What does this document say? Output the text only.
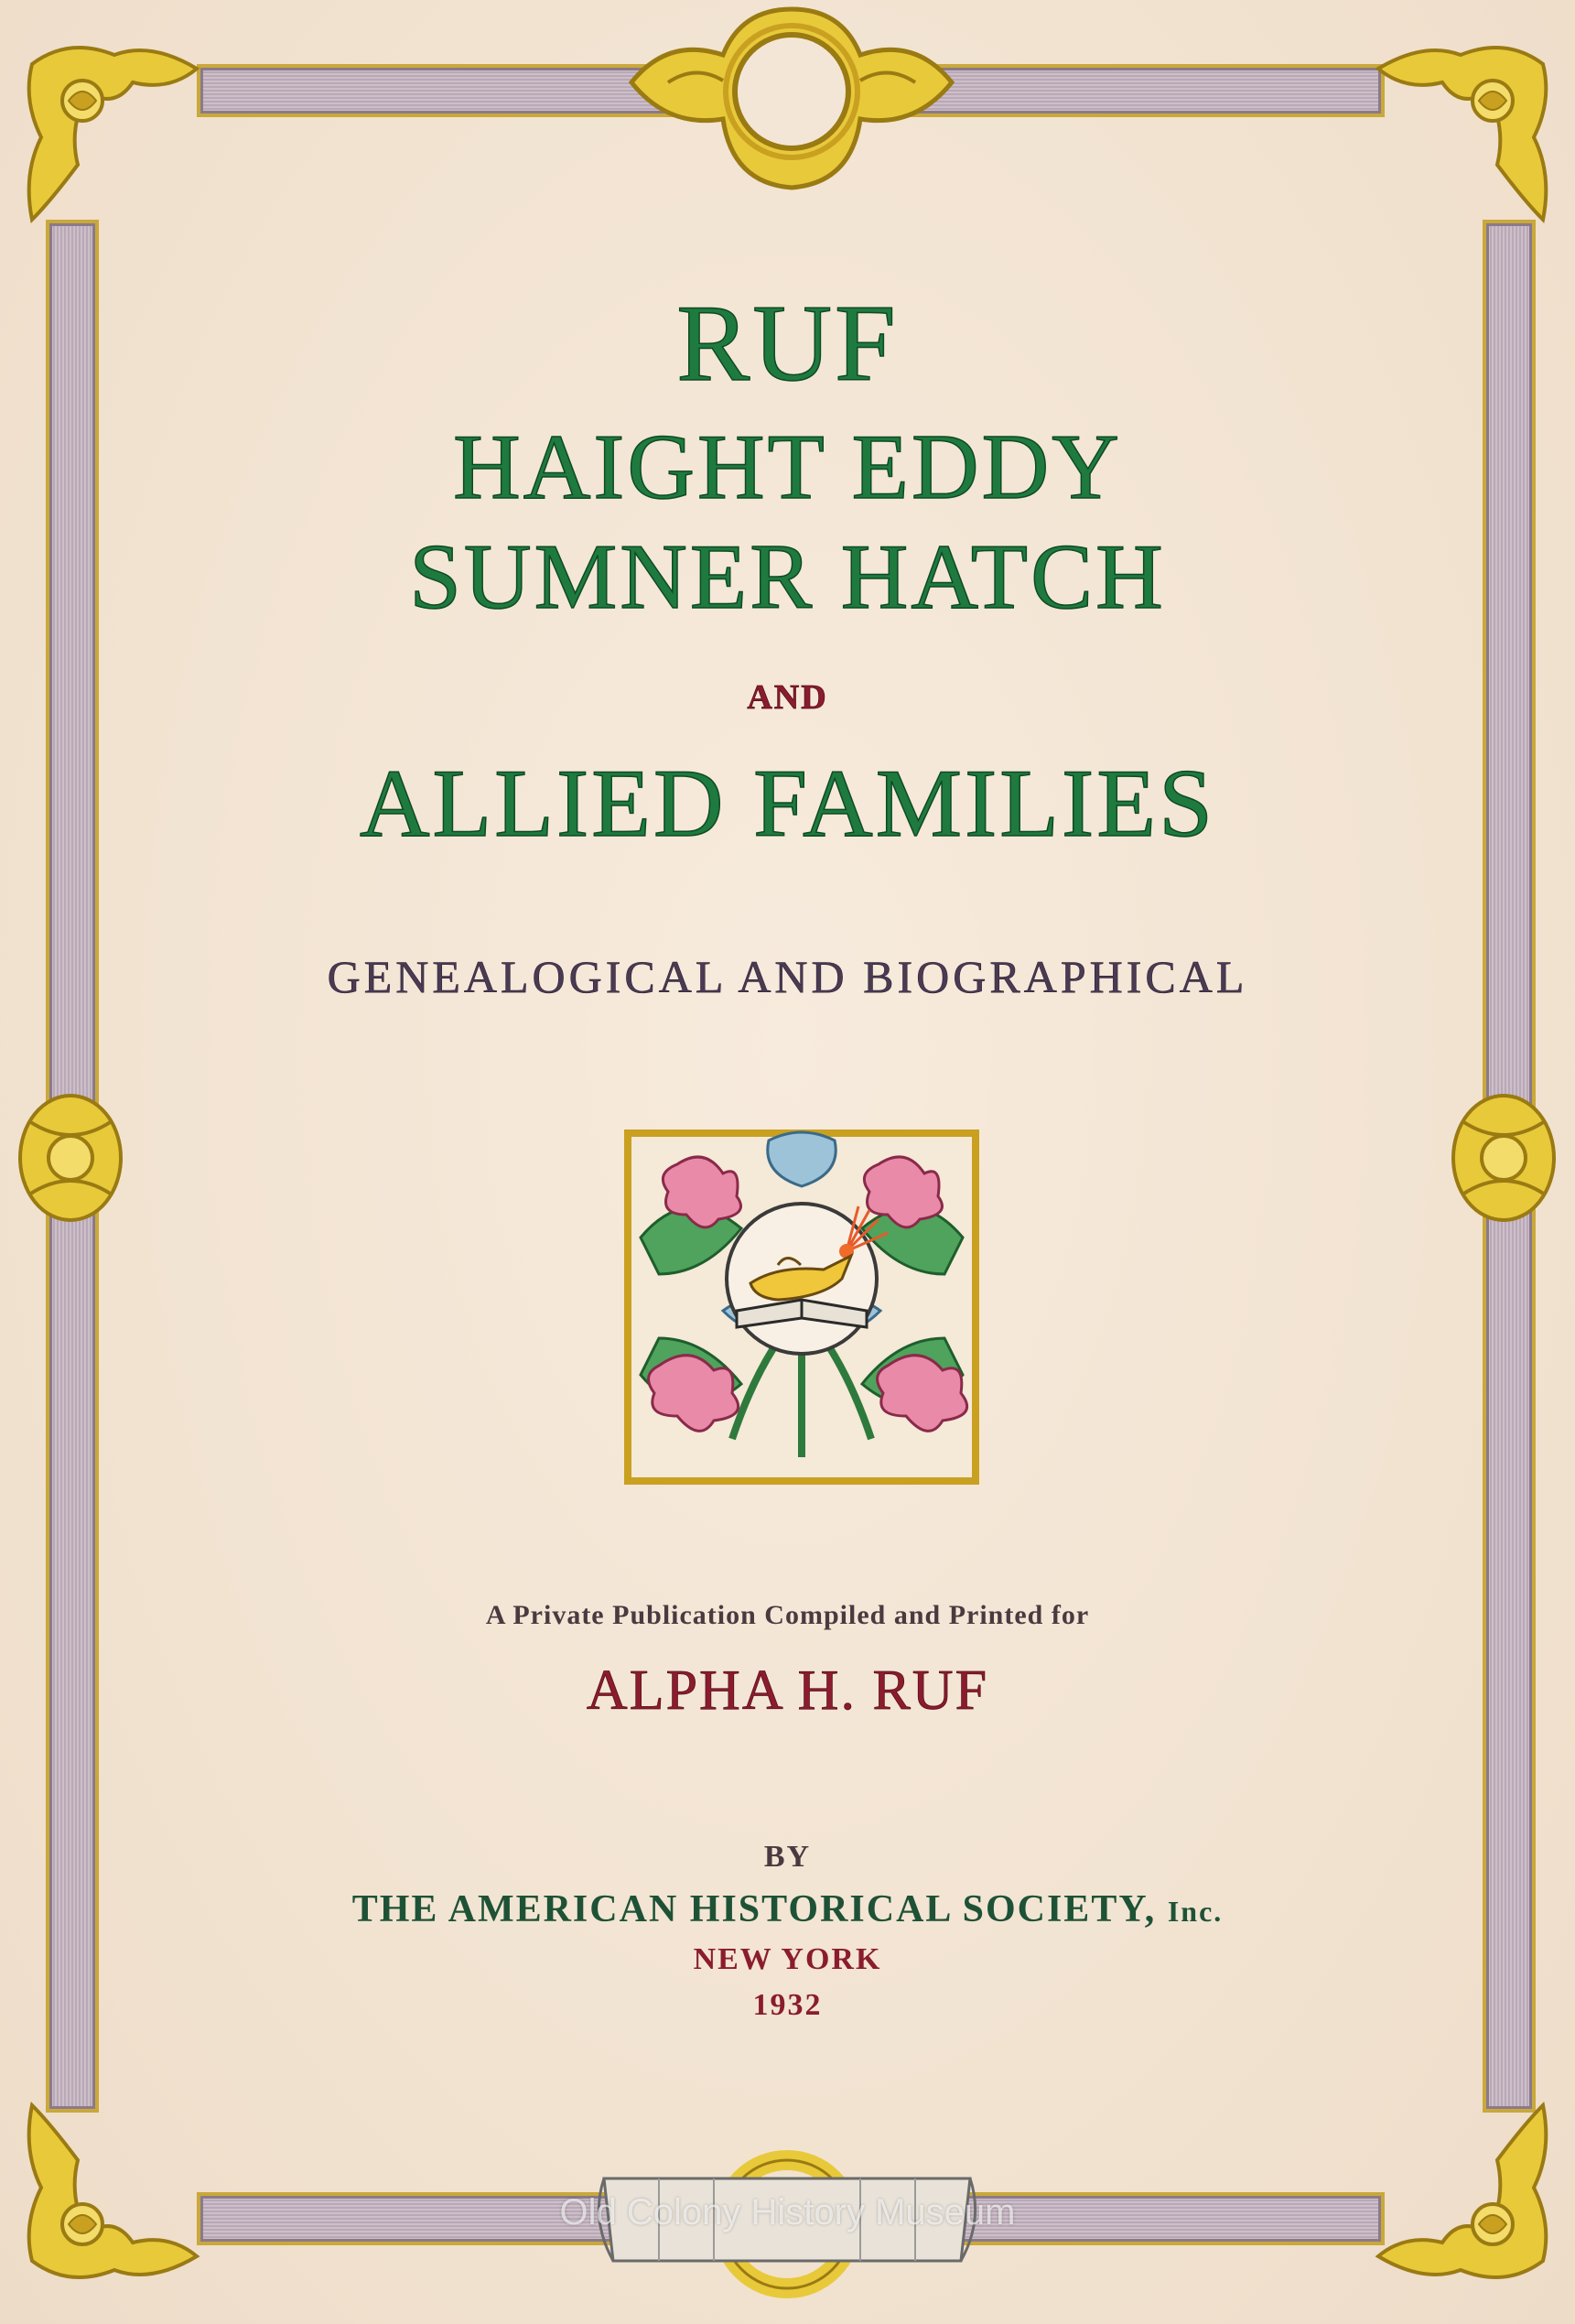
RUF
HAIGHT EDDY
SUMNER HATCH
AND
ALLIED FAMILIES
GENEALOGICAL AND BIOGRAPHICAL
A Private Publication Compiled and Printed for
ALPHA H. RUF
BY
THE AMERICAN HISTORICAL SOCIETY, Inc.
NEW YORK
1932
Old Colony History Museum
